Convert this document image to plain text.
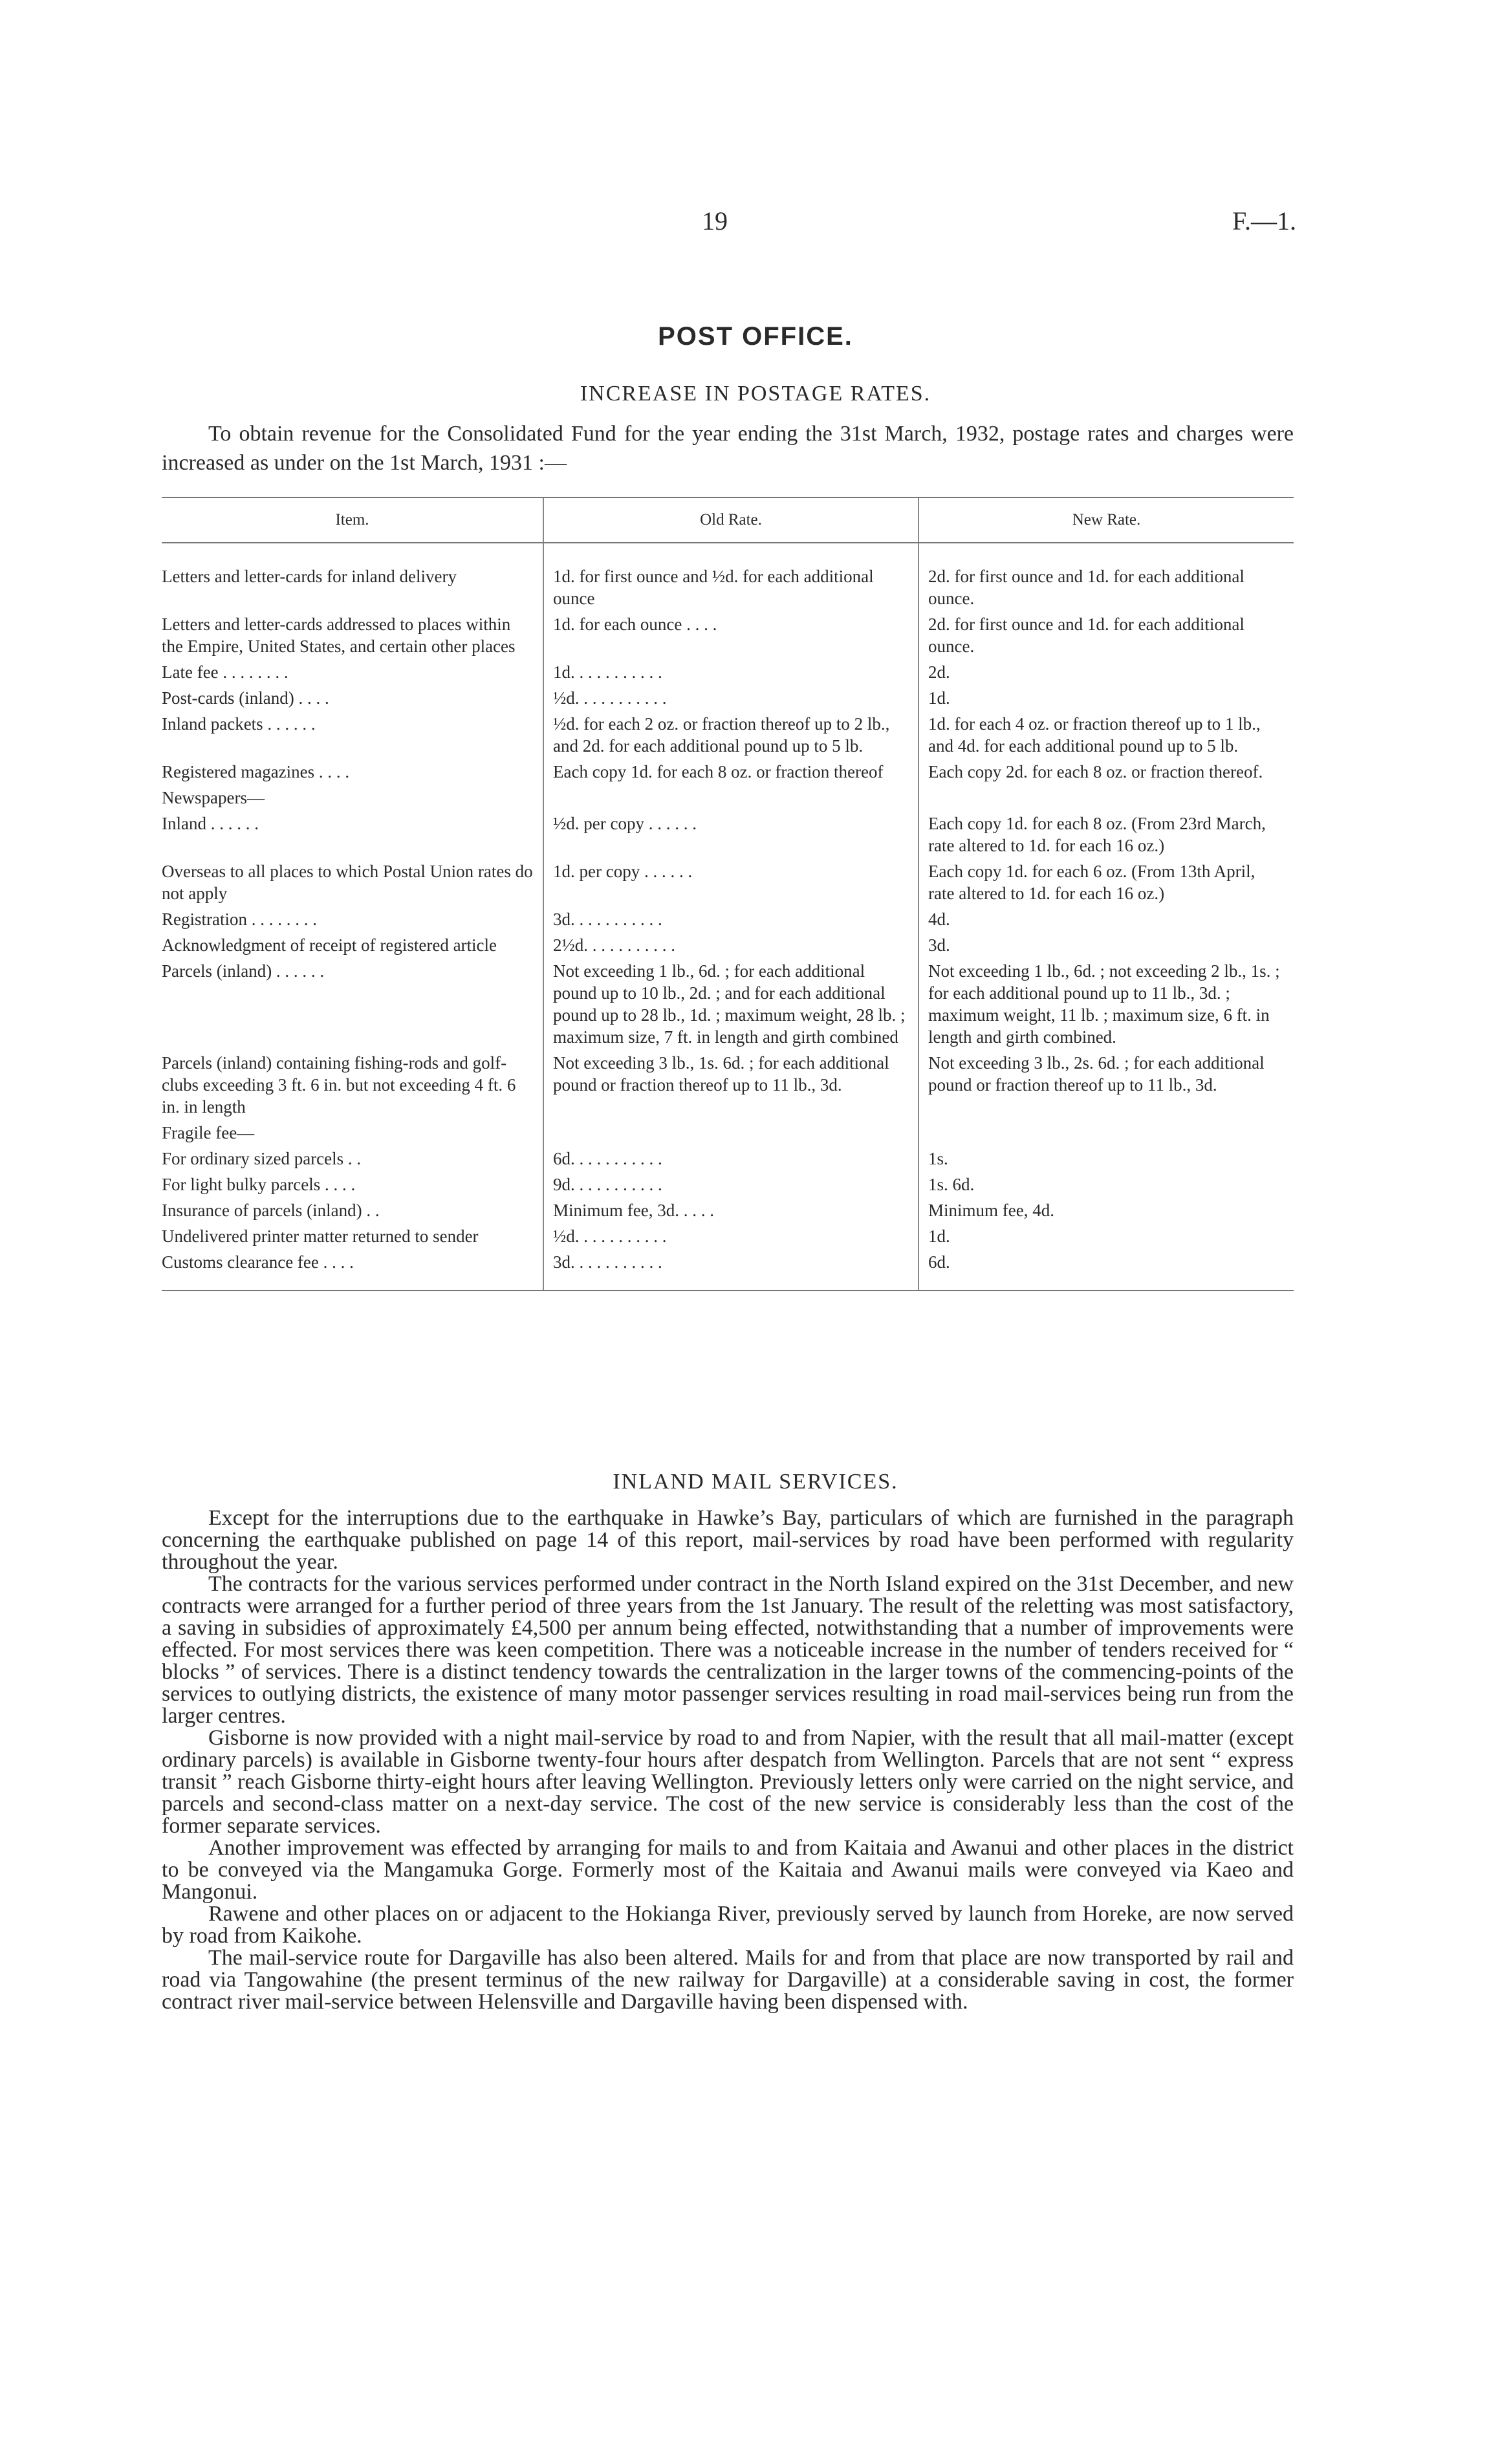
19	F.—1.
POST OFFICE.
INCREASE IN POSTAGE RATES.
To obtain revenue for the Consolidated Fund for the year ending the 31st March, 1932, postage rates and charges were increased as under on the 1st March, 1931 :—
Item.	Old Rate.	New Rate.

Letters and letter-cards for inland delivery	1d. for first ounce and ½d. for each additional ounce	2d. for first ounce and 1d. for each additional ounce.
Letters and letter-cards addressed to places within the Empire, United States, and certain other places	1d. for each ounce . . . .	2d. for first ounce and 1d. for each additional ounce.
Late fee . . . . . . . .	1d. . . . . . . . . . .	2d.
Post-cards (inland) . . . .	½d. . . . . . . . . . .	1d.
Inland packets . . . . . .	½d. for each 2 oz. or fraction thereof up to 2 lb., and 2d. for each additional pound up to 5 lb.	1d. for each 4 oz. or fraction thereof up to 1 lb., and 4d. for each additional pound up to 5 lb.
Registered magazines . . . .	Each copy 1d. for each 8 oz. or fraction thereof	Each copy 2d. for each 8 oz. or fraction thereof.
Newspapers—		
Inland . . . . . .	½d. per copy . . . . . .	Each copy 1d. for each 8 oz. (From 23rd March, rate altered to 1d. for each 16 oz.)
Overseas to all places to which Postal Union rates do not apply	1d. per copy . . . . . .	Each copy 1d. for each 6 oz. (From 13th April, rate altered to 1d. for each 16 oz.)
Registration . . . . . . . .	3d. . . . . . . . . . .	4d.
Acknowledgment of receipt of registered article	2½d. . . . . . . . . . .	3d.
Parcels (inland) . . . . . .	Not exceeding 1 lb., 6d. ; for each additional pound up to 10 lb., 2d. ; and for each additional pound up to 28 lb., 1d. ; maximum weight, 28 lb. ; maximum size, 7 ft. in length and girth combined	Not exceeding 1 lb., 6d. ; not exceeding 2 lb., 1s. ; for each additional pound up to 11 lb., 3d. ; maximum weight, 11 lb. ; maximum size, 6 ft. in length and girth combined.
Parcels (inland) containing fishing-rods and golf-clubs exceeding 3 ft. 6 in. but not exceeding 4 ft. 6 in. in length	Not exceeding 3 lb., 1s. 6d. ; for each additional pound or fraction thereof up to 11 lb., 3d.	Not exceeding 3 lb., 2s. 6d. ; for each additional pound or fraction thereof up to 11 lb., 3d.
Fragile fee—		
For ordinary sized parcels . .	6d. . . . . . . . . . .	1s.
For light bulky parcels . . . .	9d. . . . . . . . . . .	1s. 6d.
Insurance of parcels (inland) . .	Minimum fee, 3d. . . . .	Minimum fee, 4d.
Undelivered printer matter returned to sender	½d. . . . . . . . . . .	1d.
Customs clearance fee . . . .	3d. . . . . . . . . . .	6d.

INLAND MAIL SERVICES.

Except for the interruptions due to the earthquake in Hawke’s Bay, particulars of which are furnished in the paragraph concerning the earthquake published on page 14 of this report, mail-services by road have been performed with regularity throughout the year.

The contracts for the various services performed under contract in the North Island expired on the 31st December, and new contracts were arranged for a further period of three years from the 1st January. The result of the reletting was most satisfactory, a saving in subsidies of approximately £4,500 per annum being effected, notwithstanding that a number of improvements were effected. For most services there was keen competition. There was a noticeable increase in the number of tenders received for “ blocks ” of services. There is a distinct tendency towards the centralization in the larger towns of the commencing-points of the services to outlying districts, the existence of many motor passenger services resulting in road mail-services being run from the larger centres.

Gisborne is now provided with a night mail-service by road to and from Napier, with the result that all mail-matter (except ordinary parcels) is available in Gisborne twenty-four hours after despatch from Wellington. Parcels that are not sent “ express transit ” reach Gisborne thirty-eight hours after leaving Wellington. Previously letters only were carried on the night service, and parcels and second-class matter on a next-day service. The cost of the new service is considerably less than the cost of the former separate services.

Another improvement was effected by arranging for mails to and from Kaitaia and Awanui and other places in the district to be conveyed via the Mangamuka Gorge. Formerly most of the Kaitaia and Awanui mails were conveyed via Kaeo and Mangonui.

Rawene and other places on or adjacent to the Hokianga River, previously served by launch from Horeke, are now served by road from Kaikohe.

The mail-service route for Dargaville has also been altered. Mails for and from that place are now transported by rail and road via Tangowahine (the present terminus of the new railway for Dargaville) at a considerable saving in cost, the former contract river mail-service between Helensville and Dargaville having been dispensed with.
